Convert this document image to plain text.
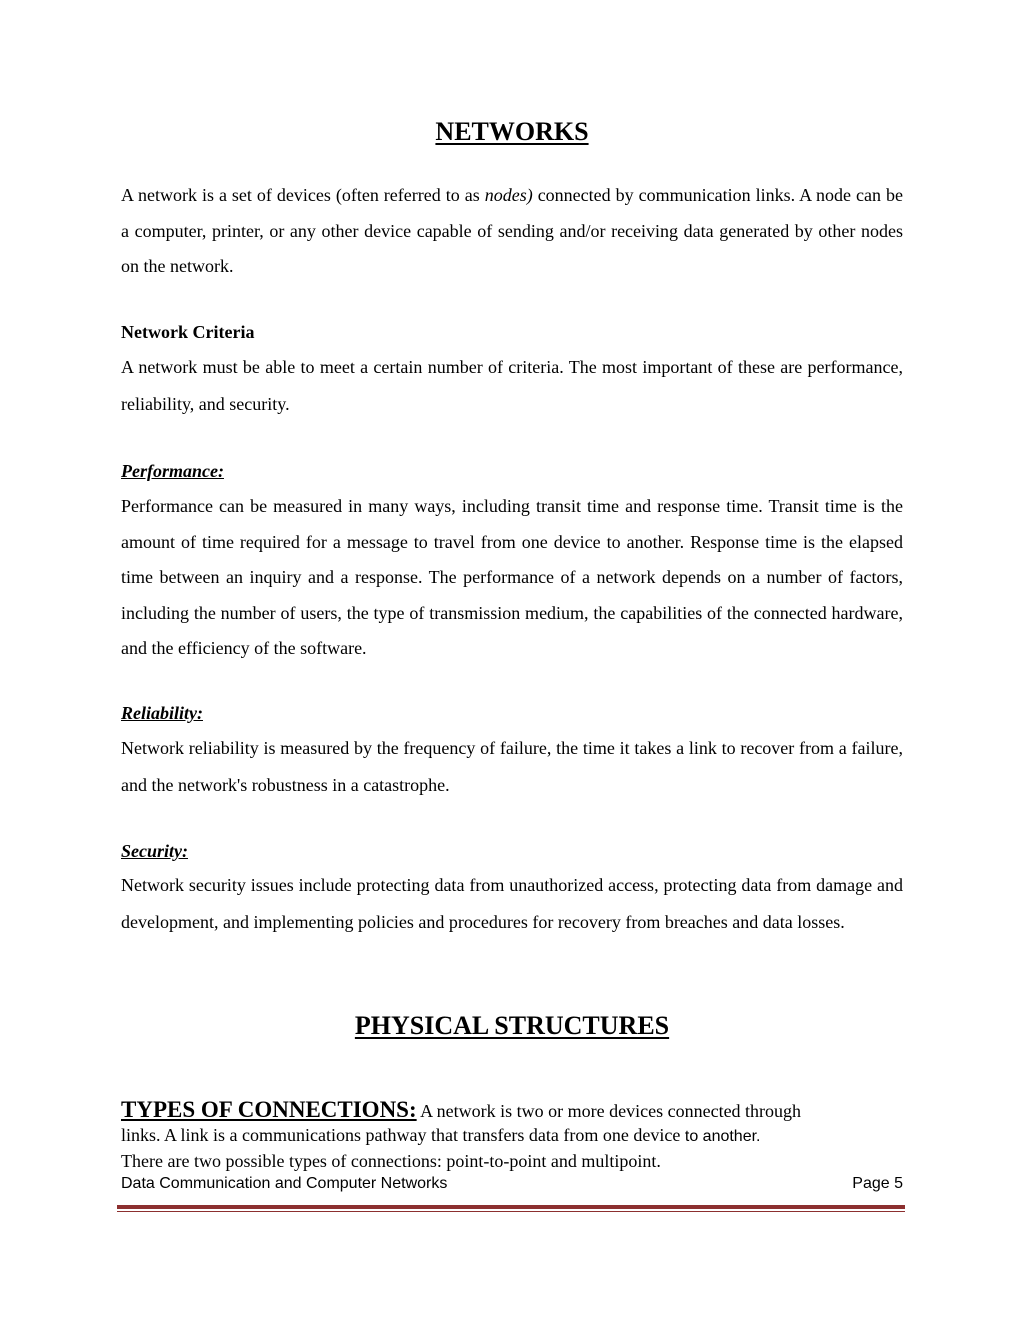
NETWORKS

A network is a set of devices (often referred to as nodes) connected by communication links. A node can be a computer, printer, or any other device capable of sending and/or receiving data generated by other nodes on the network.

Network Criteria

A network must be able to meet a certain number of criteria. The most important of these are performance, reliability, and security.

Performance:

Performance can be measured in many ways, including transit time and response time. Transit time is the amount of time required for a message to travel from one device to another. Response time is the elapsed time between an inquiry and a response. The performance of a network depends on a number of factors, including the number of users, the type of transmission medium, the capabilities of the connected hardware, and the efficiency of the software.

Reliability:

Network reliability is measured by the frequency of failure, the time it takes a link to recover from a failure, and the network's robustness in a catastrophe.

Security:

Network security issues include protecting data from unauthorized access, protecting data from damage and development, and implementing policies and procedures for recovery from breaches and data losses.

PHYSICAL STRUCTURES
TYPES OF CONNECTIONS: A network is two or more devices connected through
links. A link is a communications pathway that transfers data from one device to another.
There are two possible types of connections: point-to-point and multipoint.
Data Communication and Computer Networks	Page 5
